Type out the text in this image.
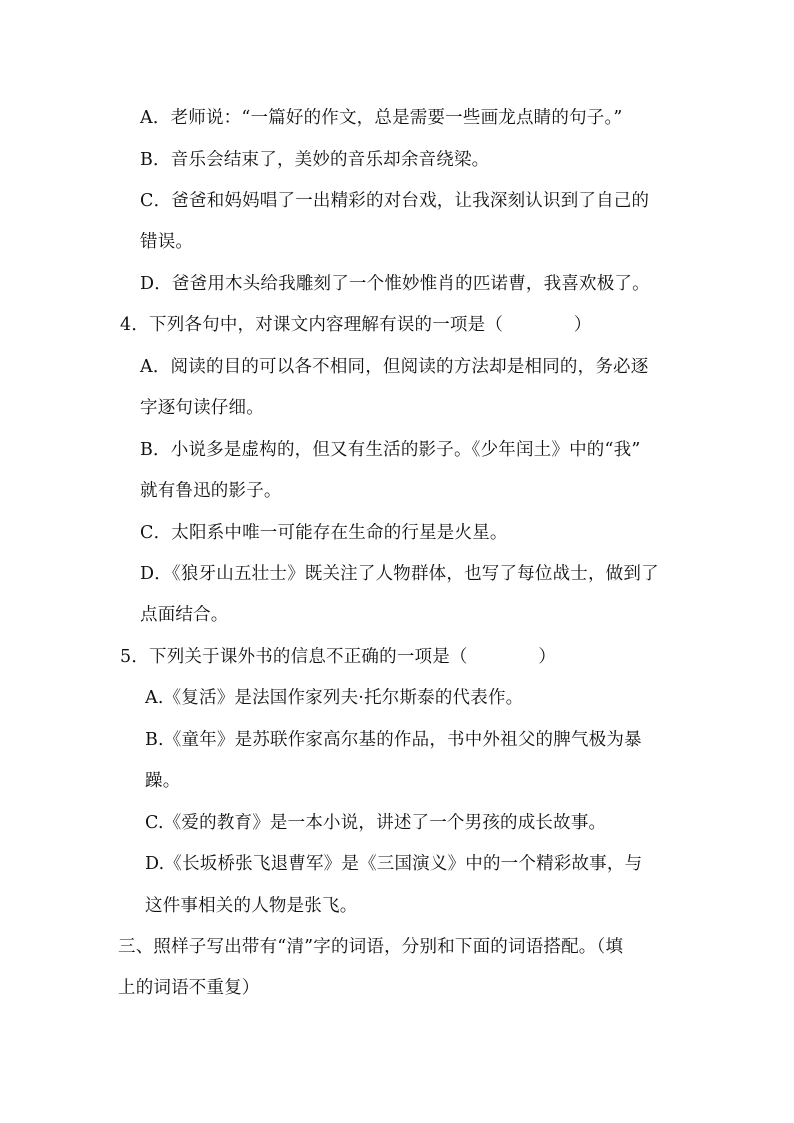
A．老师说：“一篇好的作文，总是需要一些画龙点睛的句子。”
B．音乐会结束了，美妙的音乐却余音绕梁。
C．爸爸和妈妈唱了一出精彩的对台戏，让我深刻认识到了自己的
错误。
D．爸爸用木头给我雕刻了一个惟妙惟肖的匹诺曹，我喜欢极了。
4．下列各句中，对课文内容理解有误的一项是（　　　　）
A．阅读的目的可以各不相同，但阅读的方法却是相同的，务必逐
字逐句读仔细。
B．小说多是虚构的，但又有生活的影子。《少年闰土》中的“我”
就有鲁迅的影子。
C．太阳系中唯一可能存在生命的行星是火星。
D．《狼牙山五壮士》既关注了人物群体，也写了每位战士，做到了
点面结合。
5．下列关于课外书的信息不正确的一项是（　　　　）
A.《复活》是法国作家列夫·托尔斯泰的代表作。
B.《童年》是苏联作家高尔基的作品，书中外祖父的脾气极为暴
躁。
C.《爱的教育》是一本小说，讲述了一个男孩的成长故事。
D.《长坂桥张飞退曹军》是《三国演义》中的一个精彩故事，与
这件事相关的人物是张飞。
三、照样子写出带有“清”字的词语，分别和下面的词语搭配。（填
上的词语不重复）
